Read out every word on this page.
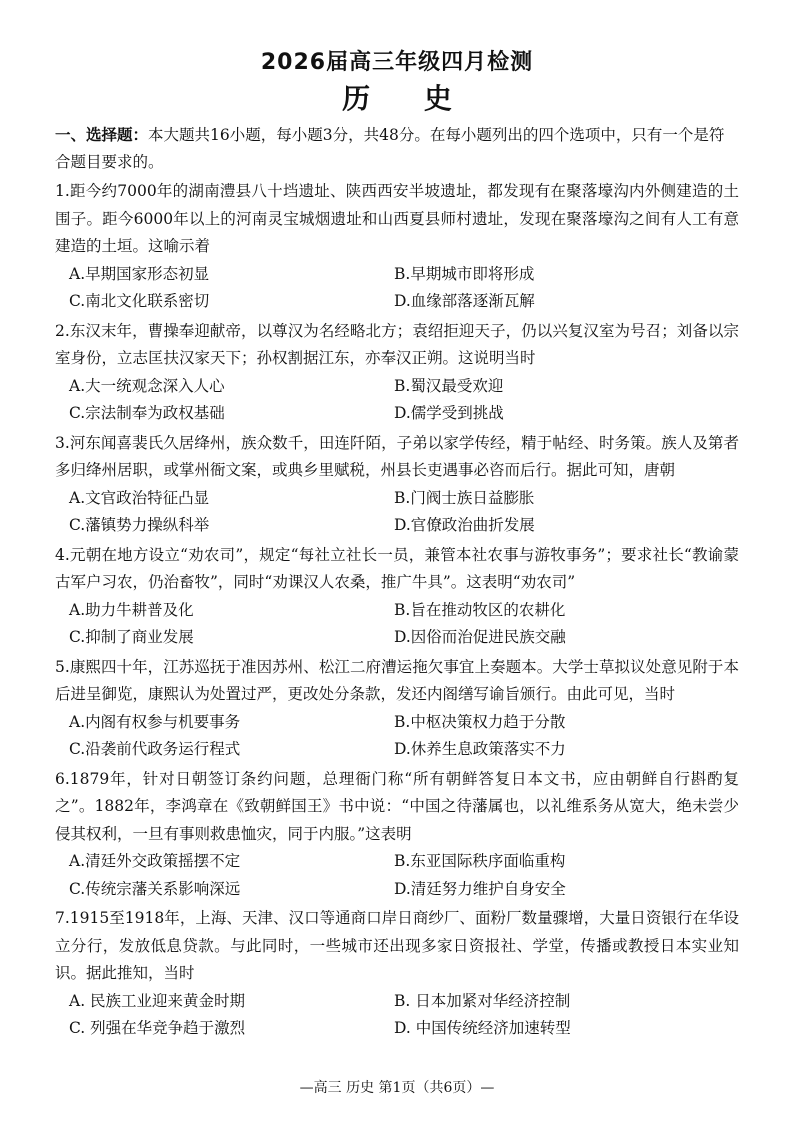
2026届高三年级四月检测
历 史

一、选择题：本大题共16小题，每小题3分，共48分。在每小题列出的四个选项中，只有一个是符合题目要求的。

1.距今约7000年的湖南澧县八十垱遗址、陕西西安半坡遗址，都发现有在聚落壕沟内外侧建造的土围子。距今6000年以上的河南灵宝城烟遗址和山西夏县师村遗址，发现在聚落壕沟之间有人工有意建造的土垣。这喻示着

A.早期国家形态初显	B.早期城市即将形成
C.南北文化联系密切	D.血缘部落逐渐瓦解

2.东汉末年，曹操奉迎献帝，以尊汉为名经略北方；袁绍拒迎天子，仍以兴复汉室为号召；刘备以宗室身份，立志匡扶汉家天下；孙权割据江东，亦奉汉正朔。这说明当时

A.大一统观念深入人心	B.蜀汉最受欢迎
C.宗法制奉为政权基础	D.儒学受到挑战

3.河东闻喜裴氏久居绛州，族众数千，田连阡陌，子弟以家学传经，精于帖经、时务策。族人及第者多归绛州居职，或掌州衙文案，或典乡里赋税，州县长吏遇事必咨而后行。据此可知，唐朝

A.文官政治特征凸显	B.门阀士族日益膨胀
C.藩镇势力操纵科举	D.官僚政治曲折发展

4.元朝在地方设立“劝农司”，规定“每社立社长一员，兼管本社农事与游牧事务”；要求社长“教谕蒙古军户习农，仍治畜牧”，同时“劝课汉人农桑，推广牛具”。这表明“劝农司”

A.助力牛耕普及化	B.旨在推动牧区的农耕化
C.抑制了商业发展	D.因俗而治促进民族交融

5.康熙四十年，江苏巡抚于准因苏州、松江二府漕运拖欠事宜上奏题本。大学士草拟议处意见附于本后进呈御览，康熙认为处置过严，更改处分条款，发还内阁缮写谕旨颁行。由此可见，当时

A.内阁有权参与机要事务	B.中枢决策权力趋于分散
C.沿袭前代政务运行程式	D.休养生息政策落实不力

6.1879年，针对日朝签订条约问题，总理衙门称“所有朝鲜答复日本文书，应由朝鲜自行斟酌复之”。1882年，李鸿章在《致朝鲜国王》书中说：“中国之待藩属也，以礼维系务从宽大，绝未尝少侵其权利，一旦有事则救患恤灾，同于内服。”这表明

A.清廷外交政策摇摆不定	B.东亚国际秩序面临重构
C.传统宗藩关系影响深远	D.清廷努力维护自身安全

7.1915至1918年，上海、天津、汉口等通商口岸日商纱厂、面粉厂数量骤增，大量日资银行在华设立分行，发放低息贷款。与此同时，一些城市还出现多家日资报社、学堂，传播或教授日本实业知识。据此推知，当时

A. 民族工业迎来黄金时期	B. 日本加紧对华经济控制
C. 列强在华竞争趋于激烈	D. 中国传统经济加速转型
—高三 历史 第1页（共6页）—
